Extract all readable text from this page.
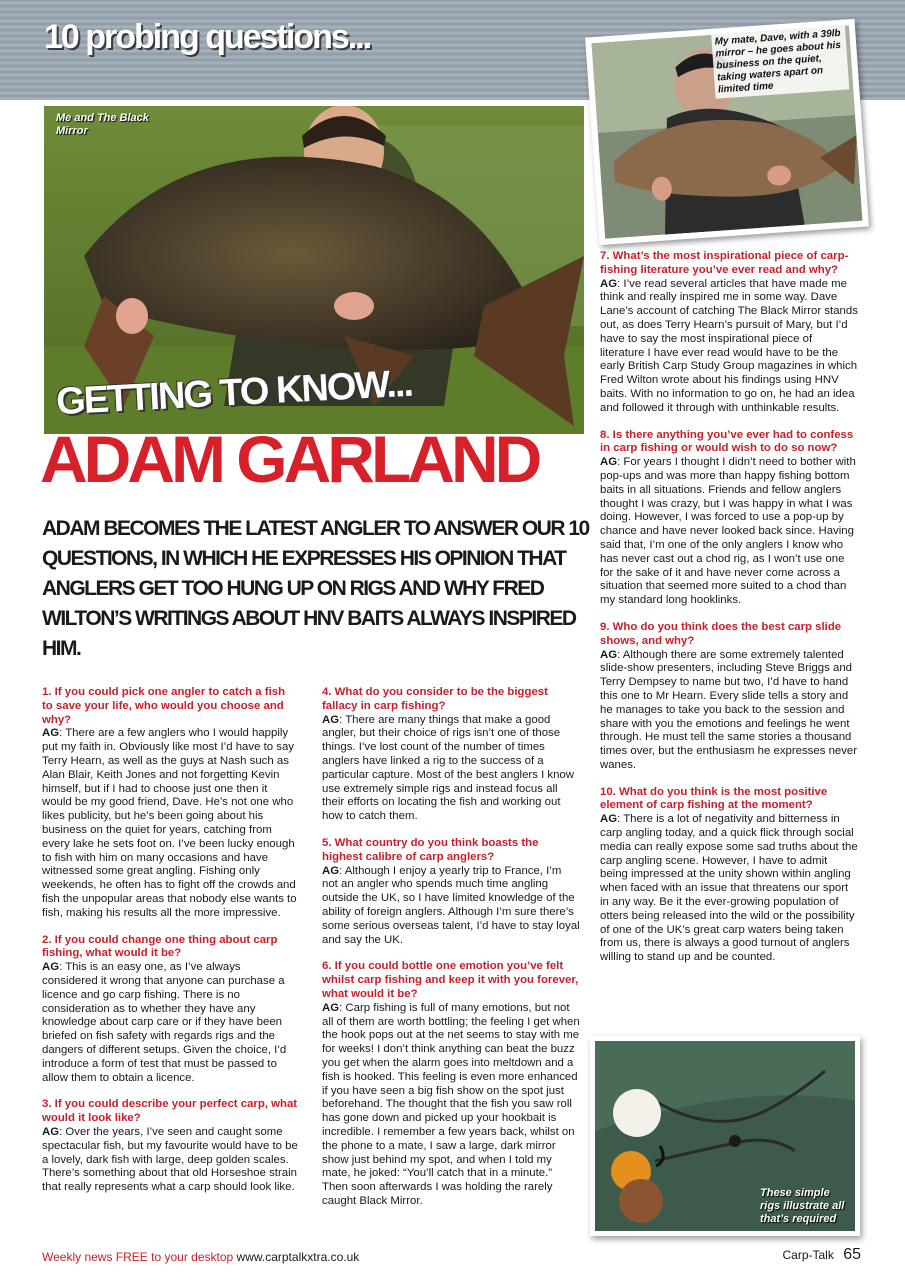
10 probing questions...
Me and The Black Mirror
My mate, Dave, with a 39lb mirror – he goes about his business on the quiet, taking waters apart on limited time
GETTING TO KNOW...
ADAM GARLAND
ADAM BECOMES THE LATEST ANGLER TO ANSWER OUR 10 QUESTIONS, IN WHICH HE EXPRESSES HIS OPINION THAT ANGLERS GET TOO HUNG UP ON RIGS AND WHY FRED WILTON’S WRITINGS ABOUT HNV BAITS ALWAYS INSPIRED HIM.
1. If you could pick one angler to catch a fish to save your life, who would you choose and why?
AG: There are a few anglers who I would happily put my faith in. Obviously like most I’d have to say Terry Hearn, as well as the guys at Nash such as Alan Blair, Keith Jones and not forgetting Kevin himself, but if I had to choose just one then it would be my good friend, Dave. He’s not one who likes publicity, but he’s been going about his business on the quiet for years, catching from every lake he sets foot on. I’ve been lucky enough to fish with him on many occasions and have witnessed some great angling. Fishing only weekends, he often has to fight off the crowds and fish the unpopular areas that nobody else wants to fish, making his results all the more impressive.
2. If you could change one thing about carp fishing, what would it be?
AG: This is an easy one, as I’ve always considered it wrong that anyone can purchase a licence and go carp fishing. There is no consideration as to whether they have any knowledge about carp care or if they have been briefed on fish safety with regards rigs and the dangers of different setups. Given the choice, I’d introduce a form of test that must be passed to allow them to obtain a licence.
3. If you could describe your perfect carp, what would it look like?
AG: Over the years, I’ve seen and caught some spectacular fish, but my favourite would have to be a lovely, dark fish with large, deep golden scales. There’s something about that old Horseshoe strain that really represents what a carp should look like.
4. What do you consider to be the biggest fallacy in carp fishing?
AG: There are many things that make a good angler, but their choice of rigs isn’t one of those things. I’ve lost count of the number of times anglers have linked a rig to the success of a particular capture. Most of the best anglers I know use extremely simple rigs and instead focus all their efforts on locating the fish and working out how to catch them.
5. What country do you think boasts the highest calibre of carp anglers?
AG: Although I enjoy a yearly trip to France, I’m not an angler who spends much time angling outside the UK, so I have limited knowledge of the ability of foreign anglers. Although I’m sure there’s some serious overseas talent, I’d have to stay loyal and say the UK.
6. If you could bottle one emotion you’ve felt whilst carp fishing and keep it with you forever, what would it be?
AG: Carp fishing is full of many emotions, but not all of them are worth bottling; the feeling I get when the hook pops out at the net seems to stay with me for weeks! I don’t think anything can beat the buzz you get when the alarm goes into meltdown and a fish is hooked. This feeling is even more enhanced if you have seen a big fish show on the spot just beforehand. The thought that the fish you saw roll has gone down and picked up your hookbait is incredible. I remember a few years back, whilst on the phone to a mate, I saw a large, dark mirror show just behind my spot, and when I told my mate, he joked: “You’ll catch that in a minute.” Then soon afterwards I was holding the rarely caught Black Mirror.
7. What’s the most inspirational piece of carp-fishing literature you’ve ever read and why?
AG: I’ve read several articles that have made me think and really inspired me in some way. Dave Lane’s account of catching The Black Mirror stands out, as does Terry Hearn’s pursuit of Mary, but I’d have to say the most inspirational piece of literature I have ever read would have to be the early British Carp Study Group magazines in which Fred Wilton wrote about his findings using HNV baits. With no information to go on, he had an idea and followed it through with unthinkable results.
8. Is there anything you’ve ever had to confess in carp fishing or would wish to do so now?
AG: For years I thought I didn’t need to bother with pop-ups and was more than happy fishing bottom baits in all situations. Friends and fellow anglers thought I was crazy, but I was happy in what I was doing. However, I was forced to use a pop-up by chance and have never looked back since. Having said that, I’m one of the only anglers I know who has never cast out a chod rig, as I won’t use one for the sake of it and have never come across a situation that seemed more suited to a chod than my standard long hooklinks.
9. Who do you think does the best carp slide shows, and why?
AG: Although there are some extremely talented slide-show presenters, including Steve Briggs and Terry Dempsey to name but two, I’d have to hand this one to Mr Hearn. Every slide tells a story and he manages to take you back to the session and share with you the emotions and feelings he went through. He must tell the same stories a thousand times over, but the enthusiasm he expresses never wanes.
10. What do you think is the most positive element of carp fishing at the moment?
AG: There is a lot of negativity and bitterness in carp angling today, and a quick flick through social media can really expose some sad truths about the carp angling scene. However, I have to admit being impressed at the unity shown within angling when faced with an issue that threatens our sport in any way. Be it the ever-growing population of otters being released into the wild or the possibility of one of the UK’s great carp waters being taken from us, there is always a good turnout of anglers willing to stand up and be counted.
These simple rigs illustrate all that’s required
Weekly news FREE to your desktop www.carptalkxtra.co.uk	Carp-Talk 65
